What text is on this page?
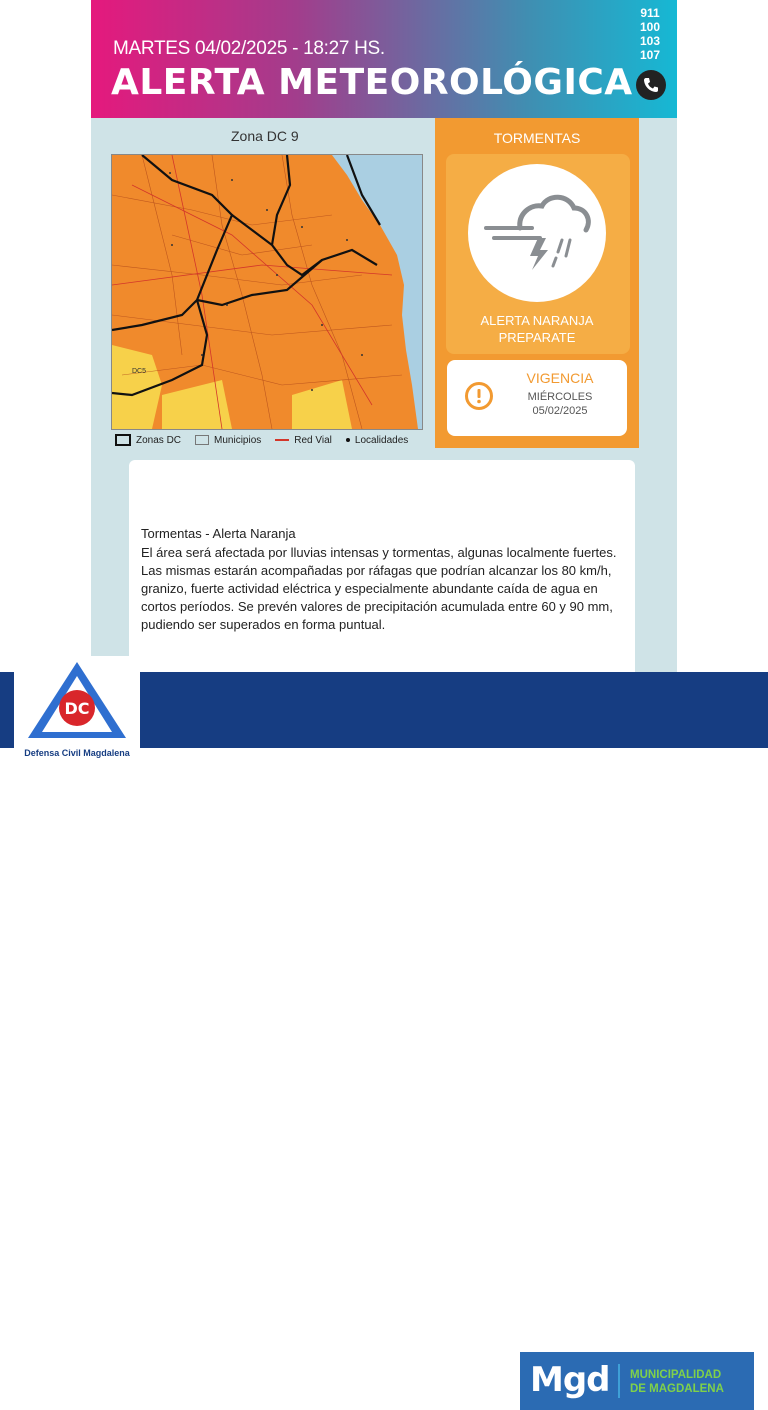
MARTES 04/02/2025 - 18:27 HS.
ALERTA METEOROLÓGICA
911
100
103
107
Zona DC 9
DC5
Zonas DC	Municipios	Red Vial Localidades
TORMENTAS
ALERTA NARANJA
PREPARATE
VIGENCIA
MIÉRCOLES
05/02/2025
Tormentas - Alerta Naranja
El área será afectada por lluvias intensas y tormentas, algunas localmente fuertes. Las mismas estarán acompañadas por ráfagas que podrían alcanzar los 80 km/h, granizo, fuerte actividad eléctrica y especialmente abundante caída de agua en cortos períodos. Se prevén valores de precipitación acumulada entre 60 y 90 mm, pudiendo ser superados en forma puntual.
Mgd MUNICIPALIDAD
DE MAGDALENA
DC
Defensa Civil Magdalena
